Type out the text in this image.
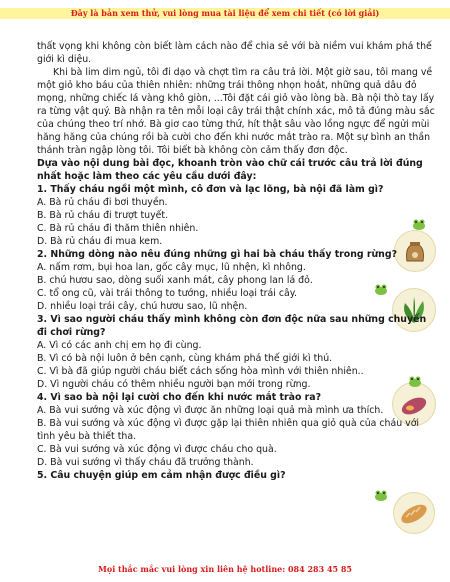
Đây là bản xem thử, vui lòng mua tài liệu để xem chi tiết (có lời giải)

thất vọng khi không còn biết làm cách nào để chia sẻ với bà niềm vui khám phá thế giới kì diệu.

Khi bà lim dim ngủ, tôi đi dạo và chợt tìm ra câu trả lời. Một giờ sau, tôi mang về một giỏ kho báu của thiên nhiên: những trái thông nhọn hoắt, những quả dâu đỏ mọng, những chiếc lá vàng khô giòn, ...Tôi đặt cái giỏ vào lòng bà. Bà nội thò tay lấy ra từng vật quý. Bà nhận ra tên mỗi loại cây trái thật chính xác, mô tả đúng màu sắc của chúng theo trí nhớ. Bà giơ cao từng thứ, hít thật sâu vào lồng ngực để ngửi mùi hăng hăng của chúng rồi bà cười cho đến khi nước mắt trào ra. Một sự bình an thần thánh tràn ngập lòng tôi. Tôi biết bà không còn cảm thấy đơn độc.

Dựa vào nội dung bài đọc, khoanh tròn vào chữ cái trước câu trả lời đúng nhất hoặc làm theo các yêu cầu dưới đây:

1. Thấy cháu ngồi một mình, cô đơn và lạc lõng, bà nội đã làm gì?

A. Bà rủ cháu đi bơi thuyền.

B. Bà rủ cháu đi trượt tuyết.

C. Bà rủ cháu đi thăm thiên nhiên.

D. Bà rủ cháu đi mua kem.

2. Những dòng nào nêu đúng những gì hai bà cháu thấy trong rừng?

A. nấm rơm, bụi hoa lan, gốc cây mục, lũ nhện, kì nhông.

B. chú hươu sao, dòng suối xanh mát, cây phong lan lá đỏ.

C. tổ ong cũ, vài trái thông to tướng, nhiều loại trái cây.

D. nhiều loại trái cây, chú hươu sao, lũ nhện.

3. Vì sao người cháu thấy mình không còn đơn độc nữa sau những chuyến đi chơi rừng?

A. Vì có các anh chị em họ đi cùng.

B. Vì có bà nội luôn ở bên cạnh, cùng khám phá thế giới kì thú.

C. Vì bà đã giúp người cháu biết cách sống hòa mình với thiên nhiên..

D. Vì người cháu có thêm nhiều người bạn mới trong rừng.

4. Vì sao bà nội lại cười cho đến khi nước mắt trào ra?

A. Bà vui sướng và xúc động vì được ăn những loại quả mà mình ưa thích.

B. Bà vui sướng và xúc động vì được gặp lại thiên nhiên qua giỏ quà của cháu với tình yêu bà thiết tha.

C. Bà vui sướng và xúc động vì được cháu cho quà.

D. Bà vui sướng vì thấy cháu đã trưởng thành.

5. Câu chuyện giúp em cảm nhận được điều gì?

Mọi thắc mắc vui lòng xin liên hệ hotline: 084 283 45 85
